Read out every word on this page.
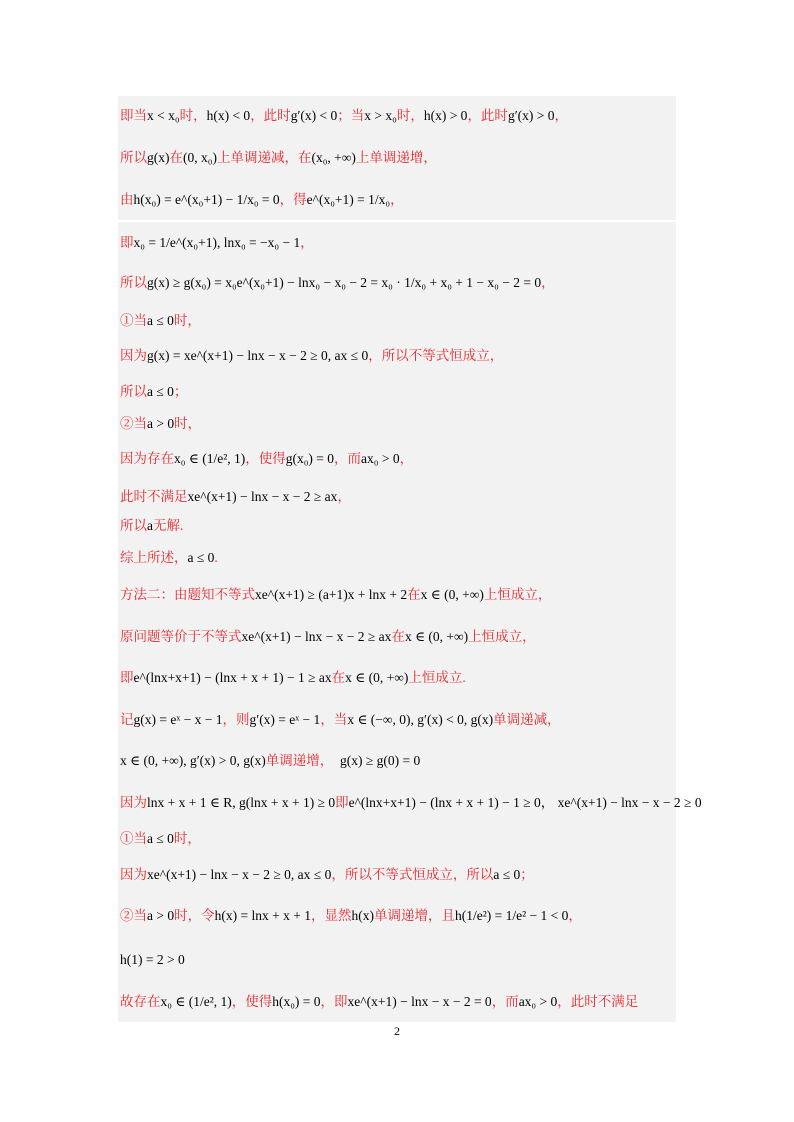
即当x < x₀时，h(x) < 0，此时g′(x) < 0；当x > x₀时，h(x) > 0，此时g′(x) > 0，
所以g(x)在(0, x₀)上单调递减，在(x₀, +∞)上单调递增，
由h(x₀) = e^(x₀+1) − 1/x₀ = 0，得e^(x₀+1) = 1/x₀，
即x₀ = 1/e^(x₀+1), lnx₀ = −x₀ − 1，
所以g(x) ≥ g(x₀) = x₀e^(x₀+1) − lnx₀ − x₀ − 2 = x₀ · 1/x₀ + x₀ + 1 − x₀ − 2 = 0，
①当a ≤ 0时，
因为g(x) = xe^(x+1) − lnx − x − 2 ≥ 0, ax ≤ 0，所以不等式恒成立，
所以a ≤ 0；
②当a > 0时，
因为存在x₀ ∈ (1/e², 1)，使得g(x₀) = 0，而ax₀ > 0，
此时不满足xe^(x+1) − lnx − x − 2 ≥ ax，
所以a无解.
综上所述，a ≤ 0.
方法二：由题知不等式xe^(x+1) ≥ (a+1)x + lnx + 2在x ∈ (0, +∞)上恒成立，
原问题等价于不等式xe^(x+1) − lnx − x − 2 ≥ ax在x ∈ (0, +∞)上恒成立，
即e^(lnx+x+1) − (lnx + x + 1) − 1 ≥ ax在x ∈ (0, +∞)上恒成立.
记g(x) = eˣ − x − 1，则g′(x) = eˣ − 1，当x ∈ (−∞, 0), g′(x) < 0, g(x)单调递减，
x ∈ (0, +∞), g′(x) > 0, g(x)单调递增， g(x) ≥ g(0) = 0
因为lnx + x + 1 ∈ R, g(lnx + x + 1) ≥ 0即e^(lnx+x+1) − (lnx + x + 1) − 1 ≥ 0， xe^(x+1) − lnx − x − 2 ≥ 0
①当a ≤ 0时，
因为xe^(x+1) − lnx − x − 2 ≥ 0, ax ≤ 0，所以不等式恒成立，所以a ≤ 0；
②当a > 0时，令h(x) = lnx + x + 1，显然h(x)单调递增，且h(1/e²) = 1/e² − 1 < 0，
h(1) = 2 > 0
故存在x₀ ∈ (1/e², 1)，使得h(x₀) = 0，即xe^(x+1) − lnx − x − 2 = 0，而ax₀ > 0，此时不满足
2
